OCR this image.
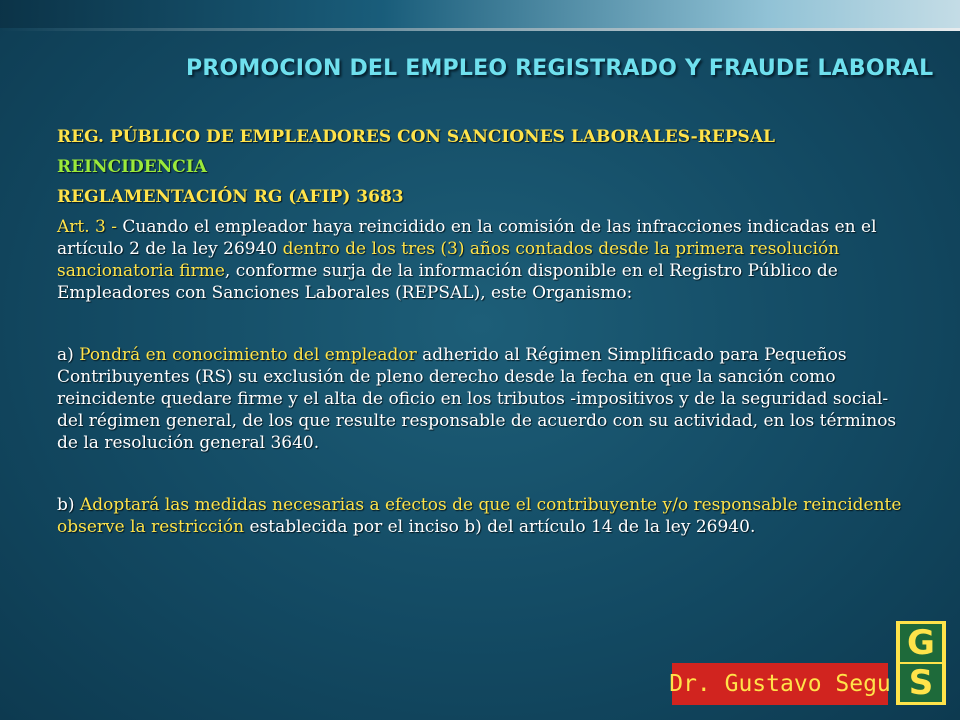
PROMOCION DEL EMPLEO REGISTRADO Y FRAUDE LABORAL
REG. PÚBLICO DE EMPLEADORES CON SANCIONES LABORALES-REPSAL
REINCIDENCIA
REGLAMENTACIÓN RG (AFIP) 3683
Art. 3 - Cuando el empleador haya reincidido en la comisión de las infracciones indicadas en el artículo 2 de la ley 26940 dentro de los tres (3) años contados desde la primera resolución sancionatoria firme, conforme surja de la información disponible en el Registro Público de Empleadores con Sanciones Laborales (REPSAL), este Organismo:
a) Pondrá en conocimiento del empleador adherido al Régimen Simplificado para Pequeños Contribuyentes (RS) su exclusión de pleno derecho desde la fecha en que la sanción como reincidente quedare firme y el alta de oficio en los tributos -impositivos y de la seguridad social- del régimen general, de los que resulte responsable de acuerdo con su actividad, en los términos de la resolución general 3640.
b) Adoptará las medidas necesarias a efectos de que el contribuyente y/o responsable reincidente observe la restricción establecida por el inciso b) del artículo 14 de la ley 26940.
Dr. Gustavo Segu
G
S
